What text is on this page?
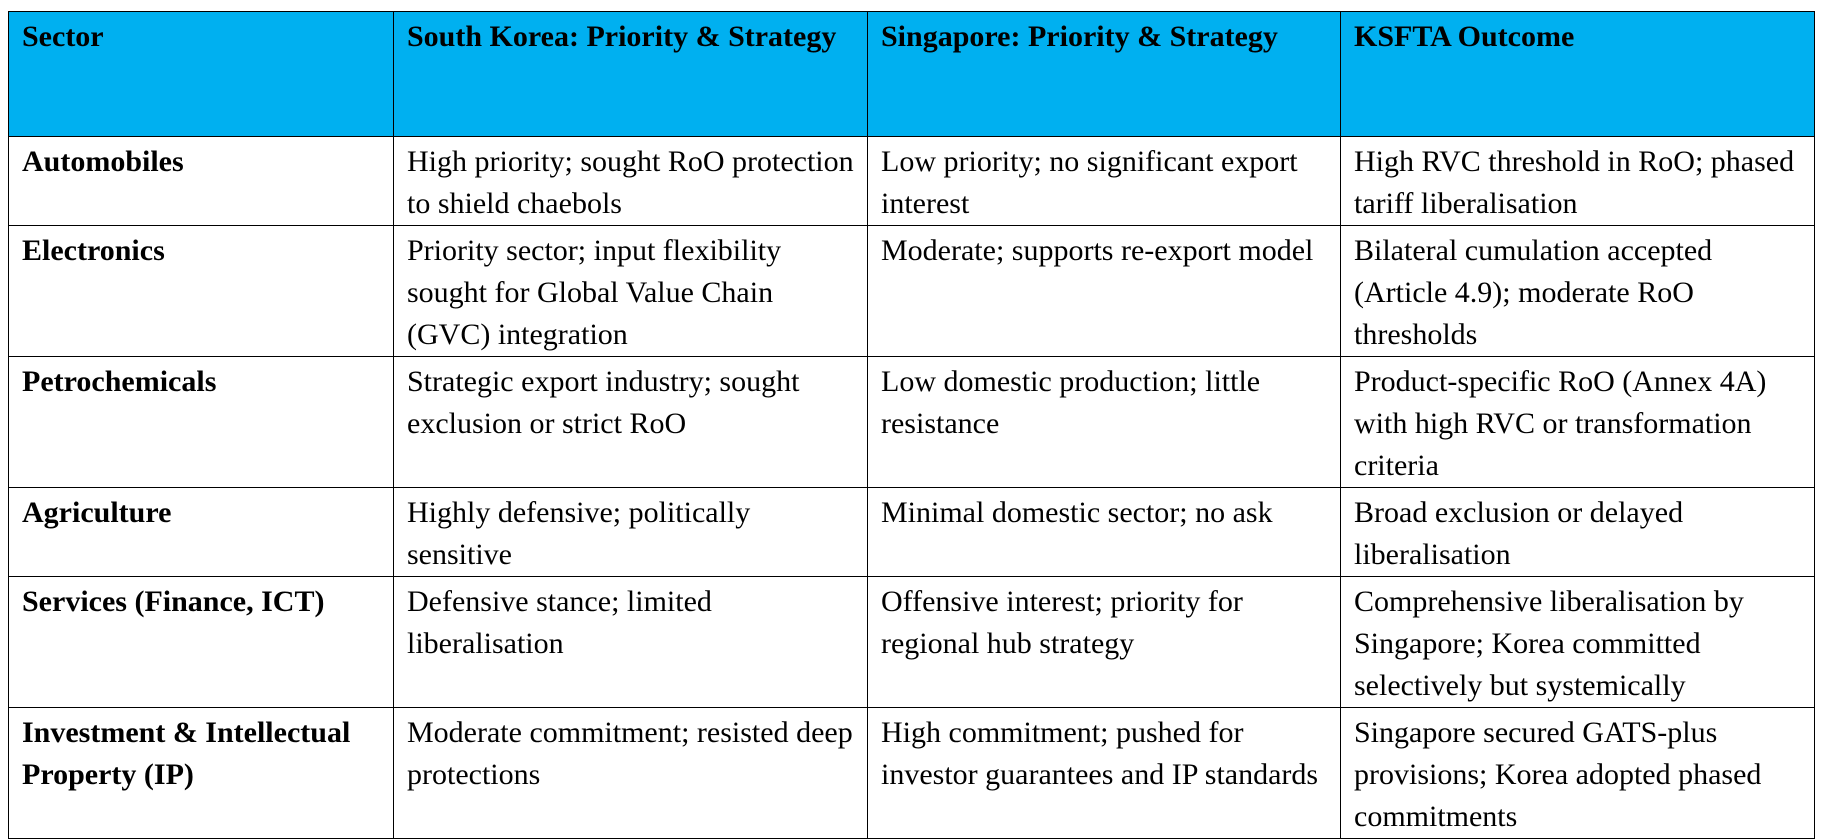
Sector	South Korea: Priority & Strategy	Singapore: Priority & Strategy	KSFTA Outcome
Automobiles	High priority; sought RoO protection to shield chaebols	Low priority; no significant export interest	High RVC threshold in RoO; phased tariff liberalisation
Electronics	Priority sector; input flexibility sought for Global Value Chain (GVC) integration	Moderate; supports re-export model	Bilateral cumulation accepted (Article 4.9); moderate RoO thresholds
Petrochemicals	Strategic export industry; sought exclusion or strict RoO	Low domestic production; little resistance	Product-specific RoO (Annex 4A) with high RVC or transformation criteria
Agriculture	Highly defensive; politically sensitive	Minimal domestic sector; no ask	Broad exclusion or delayed liberalisation
Services (Finance, ICT)	Defensive stance; limited liberalisation	Offensive interest; priority for regional hub strategy	Comprehensive liberalisation by Singapore; Korea committed selectively but systemically
Investment & Intellectual Property (IP)	Moderate commitment; resisted deep protections	High commitment; pushed for investor guarantees and IP standards	Singapore secured GATS-plus provisions; Korea adopted phased commitments
